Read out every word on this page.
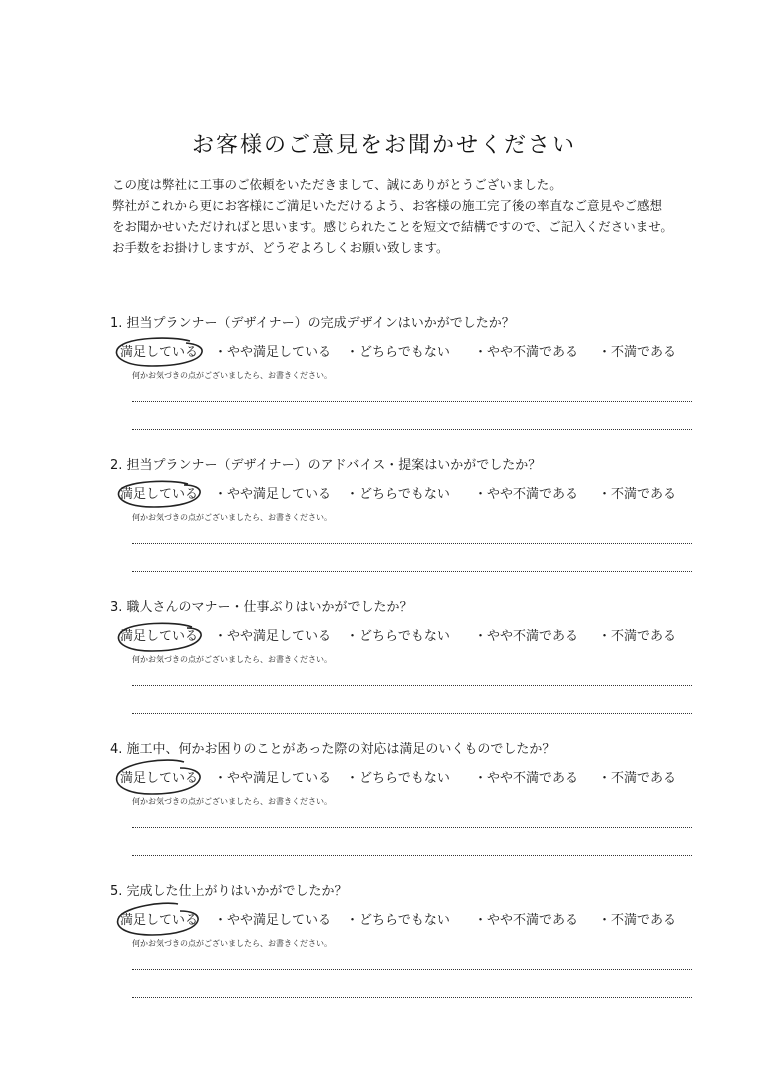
お客様のご意見をお聞かせください
この度は弊社に工事のご依頼をいただきまして、誠にありがとうございました。
弊社がこれから更にお客様にご満足いただけるよう、お客様の施工完了後の率直なご意見やご感想
をお聞かせいただければと思います。感じられたことを短文で結構ですので、ご記入くださいませ。
お手数をお掛けしますが、どうぞよろしくお願い致します。

1. 担当プランナー（デザイナー）の完成デザインはいかがでしたか？

満足している ・やや満足している ・どちらでもない ・やや不満である ・不満である
何かお気づきの点がございましたら、お書きください。

2. 担当プランナー（デザイナー）のアドバイス・提案はいかがでしたか？

満足している ・やや満足している ・どちらでもない ・やや不満である ・不満である
何かお気づきの点がございましたら、お書きください。

3. 職人さんのマナー・仕事ぶりはいかがでしたか？

満足している ・やや満足している ・どちらでもない ・やや不満である ・不満である
何かお気づきの点がございましたら、お書きください。

4. 施工中、何かお困りのことがあった際の対応は満足のいくものでしたか？

満足している ・やや満足している ・どちらでもない ・やや不満である ・不満である
何かお気づきの点がございましたら、お書きください。

5. 完成した仕上がりはいかがでしたか？

満足している ・やや満足している ・どちらでもない ・やや不満である ・不満である
何かお気づきの点がございましたら、お書きください。
